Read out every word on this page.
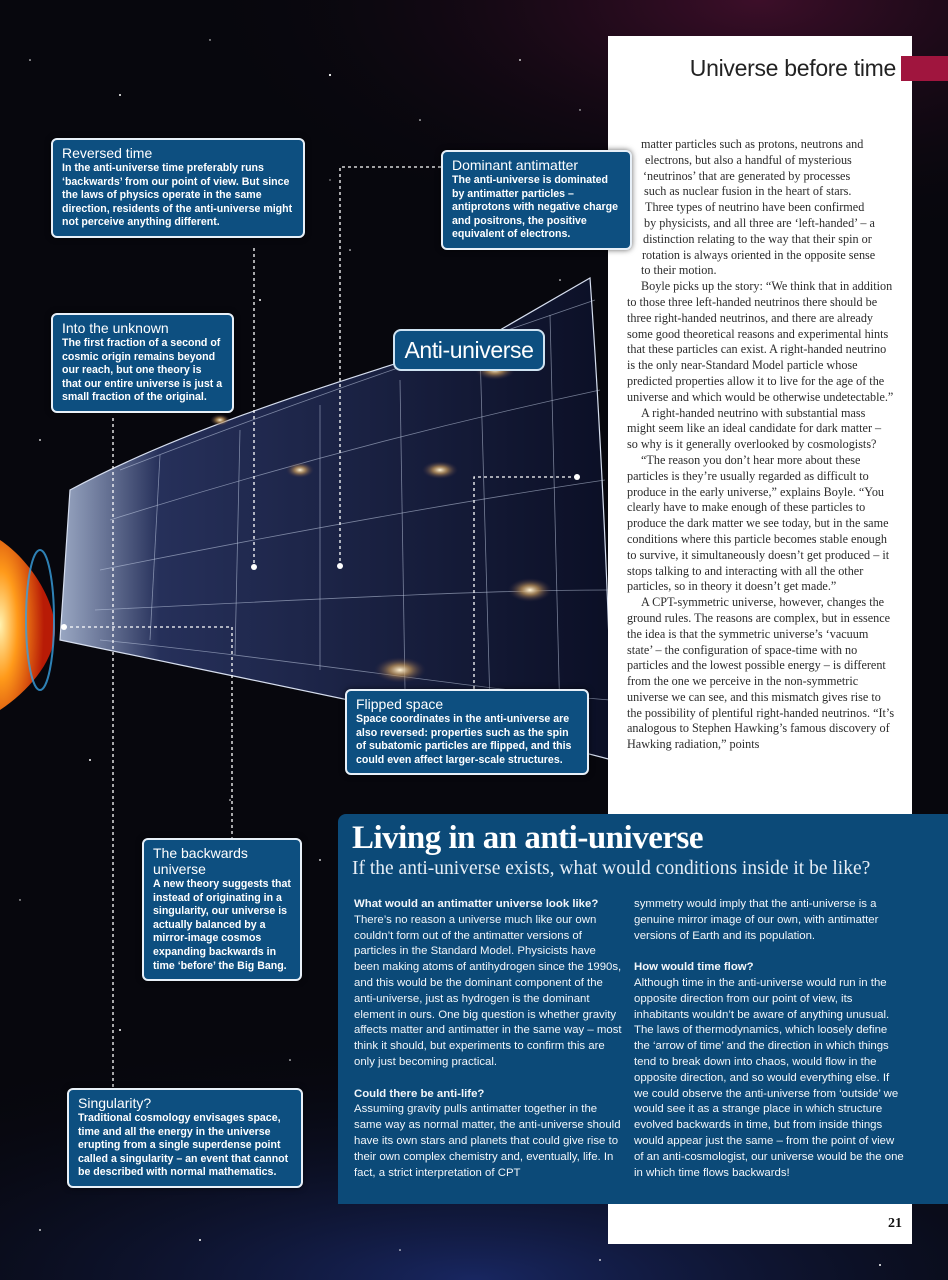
Universe before time
matter particles such as protons, neutrons and
electrons, but also a handful of mysterious
‘neutrinos’ that are generated by processes
such as nuclear fusion in the heart of stars.
Three types of neutrino have been confirmed
by physicists, and all three are ‘left-handed’ – a
distinction relating to the way that their spin or
rotation is always oriented in the opposite sense
to their motion.

Boyle picks up the story: “We think that in addition to those three left-handed neutrinos there should be three right-handed neutrinos, and there are already some good theoretical reasons and experimental hints that these particles can exist. A right-handed neutrino is the only near-Standard Model particle whose predicted properties allow it to live for the age of the universe and which would be otherwise undetectable.”

A right-handed neutrino with substantial mass might seem like an ideal candidate for dark matter – so why is it generally overlooked by cosmologists?

“The reason you don’t hear more about these particles is they’re usually regarded as difficult to produce in the early universe,” explains Boyle. “You clearly have to make enough of these particles to produce the dark matter we see today, but in the same conditions where this particle becomes stable enough to survive, it simultaneously doesn’t get produced – it stops talking to and interacting with all the other particles, so in theory it doesn’t get made.”

A CPT-symmetric universe, however, changes the ground rules. The reasons are complex, but in essence the idea is that the symmetric universe’s ‘vacuum state’ – the configuration of space-time with no particles and the lowest possible energy – is different from the one we perceive in the non-symmetric universe we can see, and this mismatch gives rise to the possibility of plentiful right-handed neutrinos. “It’s analogous to Stephen Hawking’s famous discovery of Hawking radiation,” points

Anti-universe
Reversed time

In the anti-universe time preferably runs ‘backwards’ from our point of view. But since the laws of physics operate in the same direction, residents of the anti-universe might not perceive anything different.

Dominant antimatter

The anti-universe is dominated by antimatter particles – antiprotons with negative charge and positrons, the positive equivalent of electrons.

Into the unknown

The first fraction of a second of cosmic origin remains beyond our reach, but one theory is that our entire universe is just a small fraction of the original.

Flipped space

Space coordinates in the anti-universe are also reversed: properties such as the spin of subatomic particles are flipped, and this could even affect larger-scale structures.

The backwards universe

A new theory suggests that instead of originating in a singularity, our universe is actually balanced by a mirror-image cosmos expanding backwards in time ‘before’ the Big Bang.

Singularity?

Traditional cosmology envisages space, time and all the energy in the universe erupting from a single superdense point called a singularity – an event that cannot be described with normal mathematics.

Living in an anti-universe
If the anti-universe exists, what would conditions inside it be like?
What would an antimatter universe look like?
There’s no reason a universe much like our own couldn’t form out of the antimatter versions of particles in the Standard Model. Physicists have been making atoms of antihydrogen since the 1990s, and this would be the dominant component of the anti-universe, just as hydrogen is the dominant element in ours. One big question is whether gravity affects matter and antimatter in the same way – most think it should, but experiments to confirm this are only just becoming practical.
Could there be anti-life?
Assuming gravity pulls antimatter together in the same way as normal matter, the anti-universe should have its own stars and planets that could give rise to their own complex chemistry and, eventually, life. In fact, a strict interpretation of CPT
symmetry would imply that the anti-universe is a genuine mirror image of our own, with antimatter versions of Earth and its population.
How would time flow?
Although time in the anti-universe would run in the opposite direction from our point of view, its inhabitants wouldn’t be aware of anything unusual. The laws of thermodynamics, which loosely define the ‘arrow of time’ and the direction in which things tend to break down into chaos, would flow in the opposite direction, and so would everything else. If we could observe the anti-universe from ‘outside’ we would see it as a strange place in which structure evolved backwards in time, but from inside things would appear just the same – from the point of view of an anti-cosmologist, our universe would be the one in which time flows backwards!
21
